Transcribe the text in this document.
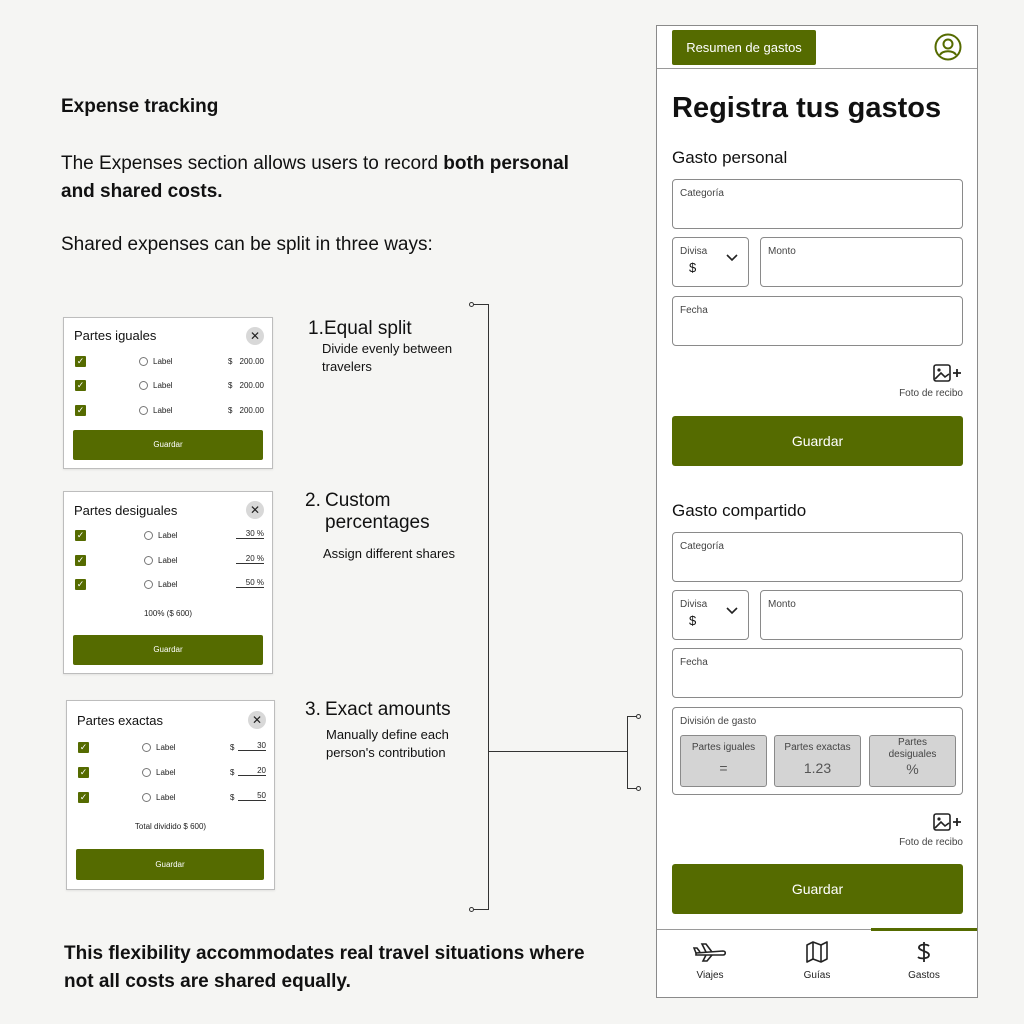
Expense tracking
The Expenses section allows users to record both personal and shared costs.
Shared expenses can be split in three ways:
Partes iguales	✕
✓	Label	$ 200.00
✓	Label	$ 200.00
✓	Label	$ 200.00
Guardar
Partes desiguales	✕
✓	Label	30 %
✓	Label	20 %
✓	Label	50 %
100% ($ 600)
Guardar
Partes exactas	✕
✓	Label	$	30
✓	Label	$	20
✓	Label	$	50
Total dividido $ 600)
Guardar
1. Equal split
Divide evenly between travelers
2. Custom percentages
Assign different shares
3. Exact amounts
Manually define each person's contribution
This flexibility accommodates real travel situations where not all costs are shared equally.
Resumen de gastos
Registra tus gastos
Gasto personal
Categoría
Divisa
$
Monto
Fecha
Foto de recibo
Guardar
Gasto compartido
Categoría
Divisa
$
Monto
Fecha
División de gasto
Partes iguales
=
Partes exactas
1.23
Partes desiguales
%
Foto de recibo
Guardar
Viajes	Guías	Gastos
